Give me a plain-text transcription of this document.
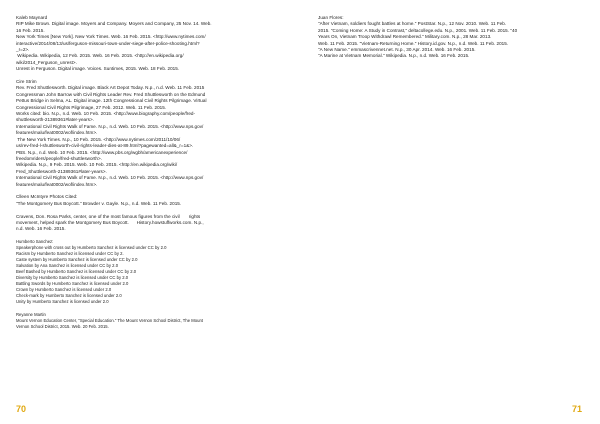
Kaleb Maynard
RIP Mike Brown. Digital image. Moyers and Company. Moyers and Company, 25 Nov. 14. Web.
16 Feb. 2015.
New York Times [New York]. New York Times. Web. 16 Feb. 2015. <http://www.nytimes.com/
interactive/2014/08/13/us/ferguson-missouri-town-under-siege-after-police-shooting.html?
_r=2>.
Wikipedia. Wikipedia, 12 Feb. 2015. Web. 16 Feb. 2015. <http://en.wikipedia.org/
wiki/2014_Ferguson_unrest>.
Unrest in Ferguson. Digital image. Voices. Suntimes, 2015. Web. 18 Feb. 2015.
Cire Strim
Rev. Fred Shuttlesworth. Digital image. Black Art Depot Today. N.p., n.d. Web. 11 Feb. 2015
Congressman John Barrow with Civil Rights Leader Rev. Fred Shuttlesworth on the Edmund
Pettus Bridge in Selma, AL. Digital image. 12th Congressional Civil Rights Pilgrimage. Virtual
Congressional Civil Rights Pilgrimage, 27 Feb. 2012. Web. 11 Feb. 2015.
Works cited: bio. N.p., n.d. Web. 10 Feb. 2015. <http://www.biography.com/people/fred-
shuttlesworth-21389361#later-years>.
International Civil Rights Walk of Fame. N.p., n.d. Web. 10 Feb. 2015. <http://www.nps.gov/
features/malu/feat0002/wof/index.htm>.
The New York Times. N.p., 10 Feb. 2015. <http://www.nytimes.com/2011/10/06/
us/rev-fred-l-shuttlesworth-civil-rights-leader-dies-at-89.html?pagewanted=all&_r=1&>.
PBS. N.p., n.d. Web. 10 Feb. 2015. <http://www.pbs.org/wgbh/americanexperience/
freedomriders/people/fred-shuttlesworth>.
Wikipedia. N.p., 9 Feb. 2015. Web. 10 Feb. 2015. <http://en.wikipedia.org/wiki/
Fred_Shuttlesworth-21389361#later-years>.
International Civil Rights Walk of Fame. N.p., n.d. Web. 10 Feb. 2015. <http://www.nps.gov/
features/malu/feat0002/wof/index.htm>.
Clleen McIntyre Photos Cited:
"The Montgomery Bus Boycott." Browder v. Gayle. N.p., n.d. Web. 11 Feb. 2015.
Cravens, Don. Rosa Parks, center, one of the most famous figures from the civil       rights
movement, helped spark the Montgomery Bus Boycott.      History.howstuffworks.com. N.p.,
n.d. Web. 16 Feb. 2015.
Humberto Sanchez:
Speakerphone with cross out by Humberto Sanchez is licensed under CC by 2.0
Racism by Humberto Sanchez is licensed under CC by 2.
Caste system by Humberto Sanchez is licensed under CC by 2.0
Salvation by Ana Sanchez is licensed under CC by 2.0
Beef Bashed by Humberto Sanchez is licensed under CC by 2.0
Diversity by Humberto Sanchez is licensed under CC by 2.0
Battling Swords by Humberto Sanchez is licensed under 2.0
Crown by Humberto Sanchez is licensed under 2.0
Check-mark by Humberto Sanchez is licensed under 2.0
Unity by Humberto Sanchez is licensed under 2.0
Reyanne Martin
Mount Vernon Education Center, "Special Education." The Mount Vernon School District, The Mount
Vernon School District, 2015. Web. 20 Feb. 2015.
70
Juan Flores:
"After Vietnam, soldiers fought battles at home." PostStar. N.p., 12 Nov. 2010. Web. 11 Feb.
2015. "Coming Home: A Study in Contrast," deltacollege.edu. N.p., 2001. Web. 11 Feb. 2015. "40
Years On, Vietnam Troop Withdrawl Remembered." Military.com. N.p., 28 Mar. 2013.
Web. 11 Feb. 2015. "Vietnam-Returning Home." History.id.gov. N.p., n.d. Web. 11 Feb. 2015.
"A New Name." emmascrivennet.net. N.p., 30 Apr. 2014. Web. 16 Feb. 2015.
"A Marine at Vietnam Memorial." Wikipedia. N.p., n.d. Web. 16 Feb. 2015.
71
